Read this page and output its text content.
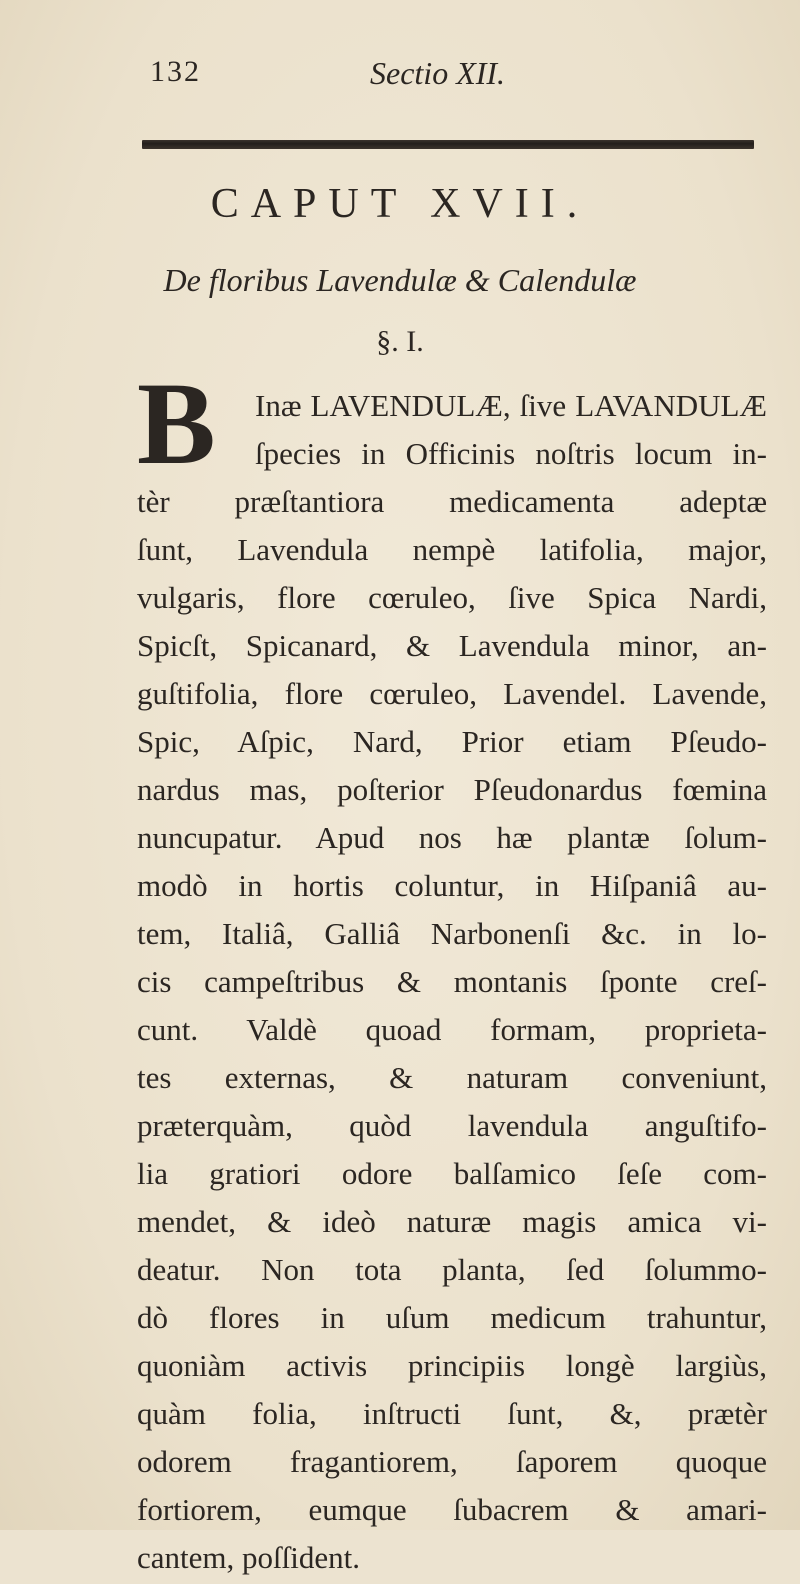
132	Sectio XII.
CAPUT XVII.
De floribus Lavendulæ & Calendulæ
§. I.
B Inæ LAVENDULÆ, ſive LAVANDULÆ
ſpecies in Officinis noſtris locum in-
tèr præſtantiora medicamenta adeptæ
ſunt, Lavendula nempè latifolia, major,
vulgaris, flore cœruleo, ſive Spica Nardi,
Spicſt, Spicanard, & Lavendula minor, an-
guſtifolia, flore cœruleo, Lavendel. Lavende,
Spic, Aſpic, Nard, Prior etiam Pſeudo-
nardus mas, poſterior Pſeudonardus fœmina
nuncupatur. Apud nos hæ plantæ ſolum-
modò in hortis coluntur, in Hiſpaniâ au-
tem, Italiâ, Galliâ Narbonenſi &c. in lo-
cis campeſtribus & montanis ſponte creſ-
cunt. Valdè quoad formam, proprieta-
tes externas, & naturam conveniunt,
præterquàm, quòd lavendula anguſtifo-
lia gratiori odore balſamico ſeſe com-
mendet, & ideò naturæ magis amica vi-
deatur. Non tota planta, ſed ſolummo-
dò flores in uſum medicum trahuntur,
quoniàm activis principiis longè largiùs,
quàm folia, inſtructi ſunt, &, prætèr
odorem fragantiorem, ſaporem quoque
fortiorem, eumque ſubacrem & amari-
cantem, poſſident.
